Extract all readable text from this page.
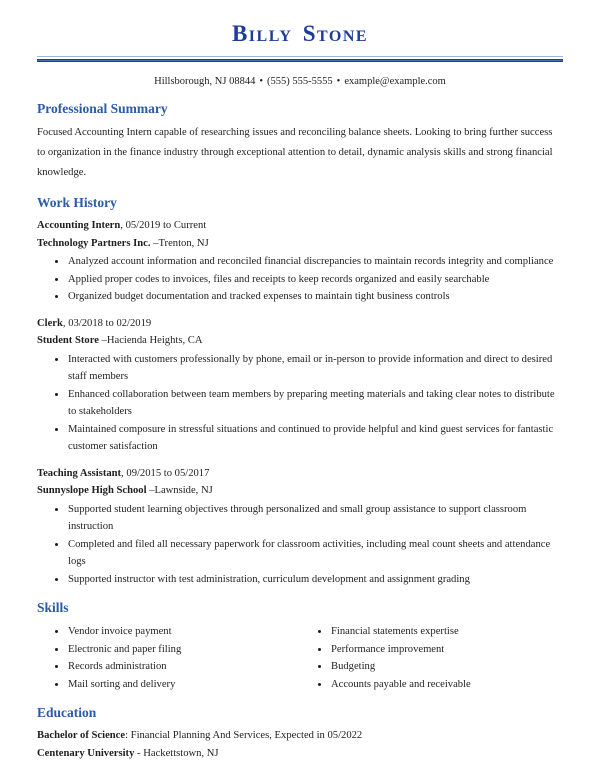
Billy Stone
Hillsborough, NJ 08844 • (555) 555-5555 • example@example.com
Professional Summary

Focused Accounting Intern capable of researching issues and reconciling balance sheets. Looking to bring further success to organization in the finance industry through exceptional attention to detail, dynamic analysis skills and strong financial knowledge.

Work History
Accounting Intern, 05/2019 to Current
Technology Partners Inc. –Trenton, NJ
• Analyzed account information and reconciled financial discrepancies to maintain records integrity and compliance
• Applied proper codes to invoices, files and receipts to keep records organized and easily searchable
• Organized budget documentation and tracked expenses to maintain tight business controls
Clerk, 03/2018 to 02/2019
Student Store –Hacienda Heights, CA
• Interacted with customers professionally by phone, email or in-person to provide information and direct to desired staff members
• Enhanced collaboration between team members by preparing meeting materials and taking clear notes to distribute to stakeholders
• Maintained composure in stressful situations and continued to provide helpful and kind guest services for fantastic customer satisfaction
Teaching Assistant, 09/2015 to 05/2017
Sunnyslope High School –Lawnside, NJ
• Supported student learning objectives through personalized and small group assistance to support classroom instruction
• Completed and filed all necessary paperwork for classroom activities, including meal count sheets and attendance logs
• Supported instructor with test administration, curriculum development and assignment grading
Skills
• Vendor invoice payment
• Electronic and paper filing
• Records administration
• Mail sorting and delivery
• Financial statements expertise
• Performance improvement
• Budgeting
• Accounts payable and receivable
Education
Bachelor of Science: Financial Planning And Services, Expected in 05/2022
Centenary University - Hackettstown, NJ
